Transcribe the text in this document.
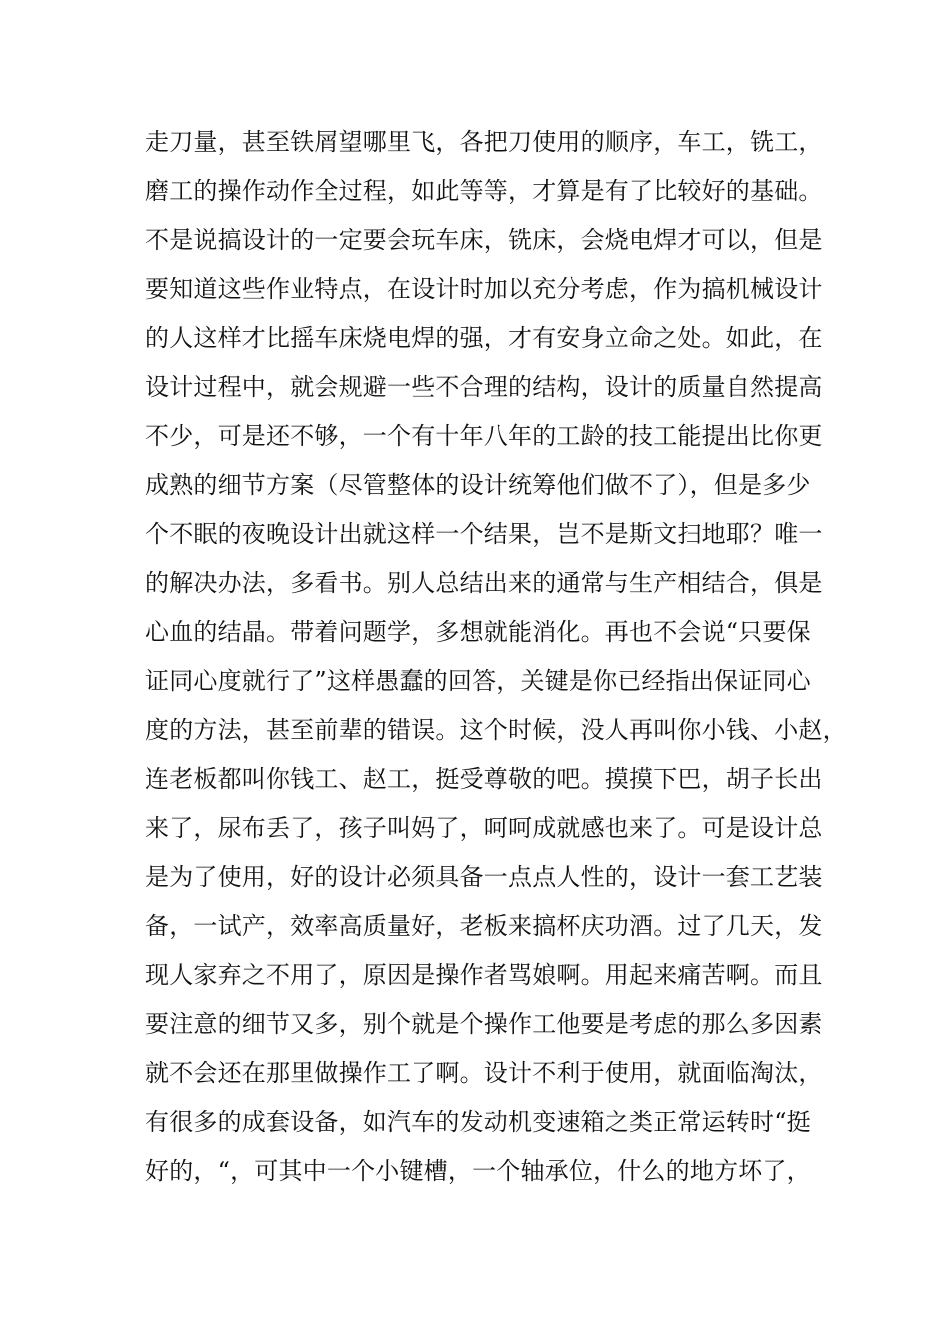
走刀量，甚至铁屑望哪里飞，各把刀使用的顺序，车工，铣工，
磨工的操作动作全过程，如此等等，才算是有了比较好的基础。
不是说搞设计的一定要会玩车床，铣床，会烧电焊才可以，但是
要知道这些作业特点，在设计时加以充分考虑，作为搞机械设计
的人这样才比摇车床烧电焊的强，才有安身立命之处。如此，在
设计过程中，就会规避一些不合理的结构，设计的质量自然提高
不少，可是还不够，一个有十年八年的工龄的技工能提出比你更
成熟的细节方案（尽管整体的设计统筹他们做不了），但是多少
个不眠的夜晚设计出就这样一个结果，岂不是斯文扫地耶？唯一
的解决办法，多看书。别人总结出来的通常与生产相结合，俱是
心血的结晶。带着问题学，多想就能消化。再也不会说“只要保
证同心度就行了”这样愚蠢的回答，关键是你已经指出保证同心
度的方法，甚至前辈的错误。这个时候，没人再叫你小钱、小赵，
连老板都叫你钱工、赵工，挺受尊敬的吧。摸摸下巴，胡子长出
来了，尿布丢了，孩子叫妈了，呵呵成就感也来了。可是设计总
是为了使用，好的设计必须具备一点点人性的，设计一套工艺装
备，一试产，效率高质量好，老板来搞杯庆功酒。过了几天，发
现人家弃之不用了，原因是操作者骂娘啊。用起来痛苦啊。而且
要注意的细节又多，别个就是个操作工他要是考虑的那么多因素
就不会还在那里做操作工了啊。设计不利于使用，就面临淘汰，
有很多的成套设备，如汽车的发动机变速箱之类正常运转时“挺
好的，“，可其中一个小键槽，一个轴承位，什么的地方坏了，
